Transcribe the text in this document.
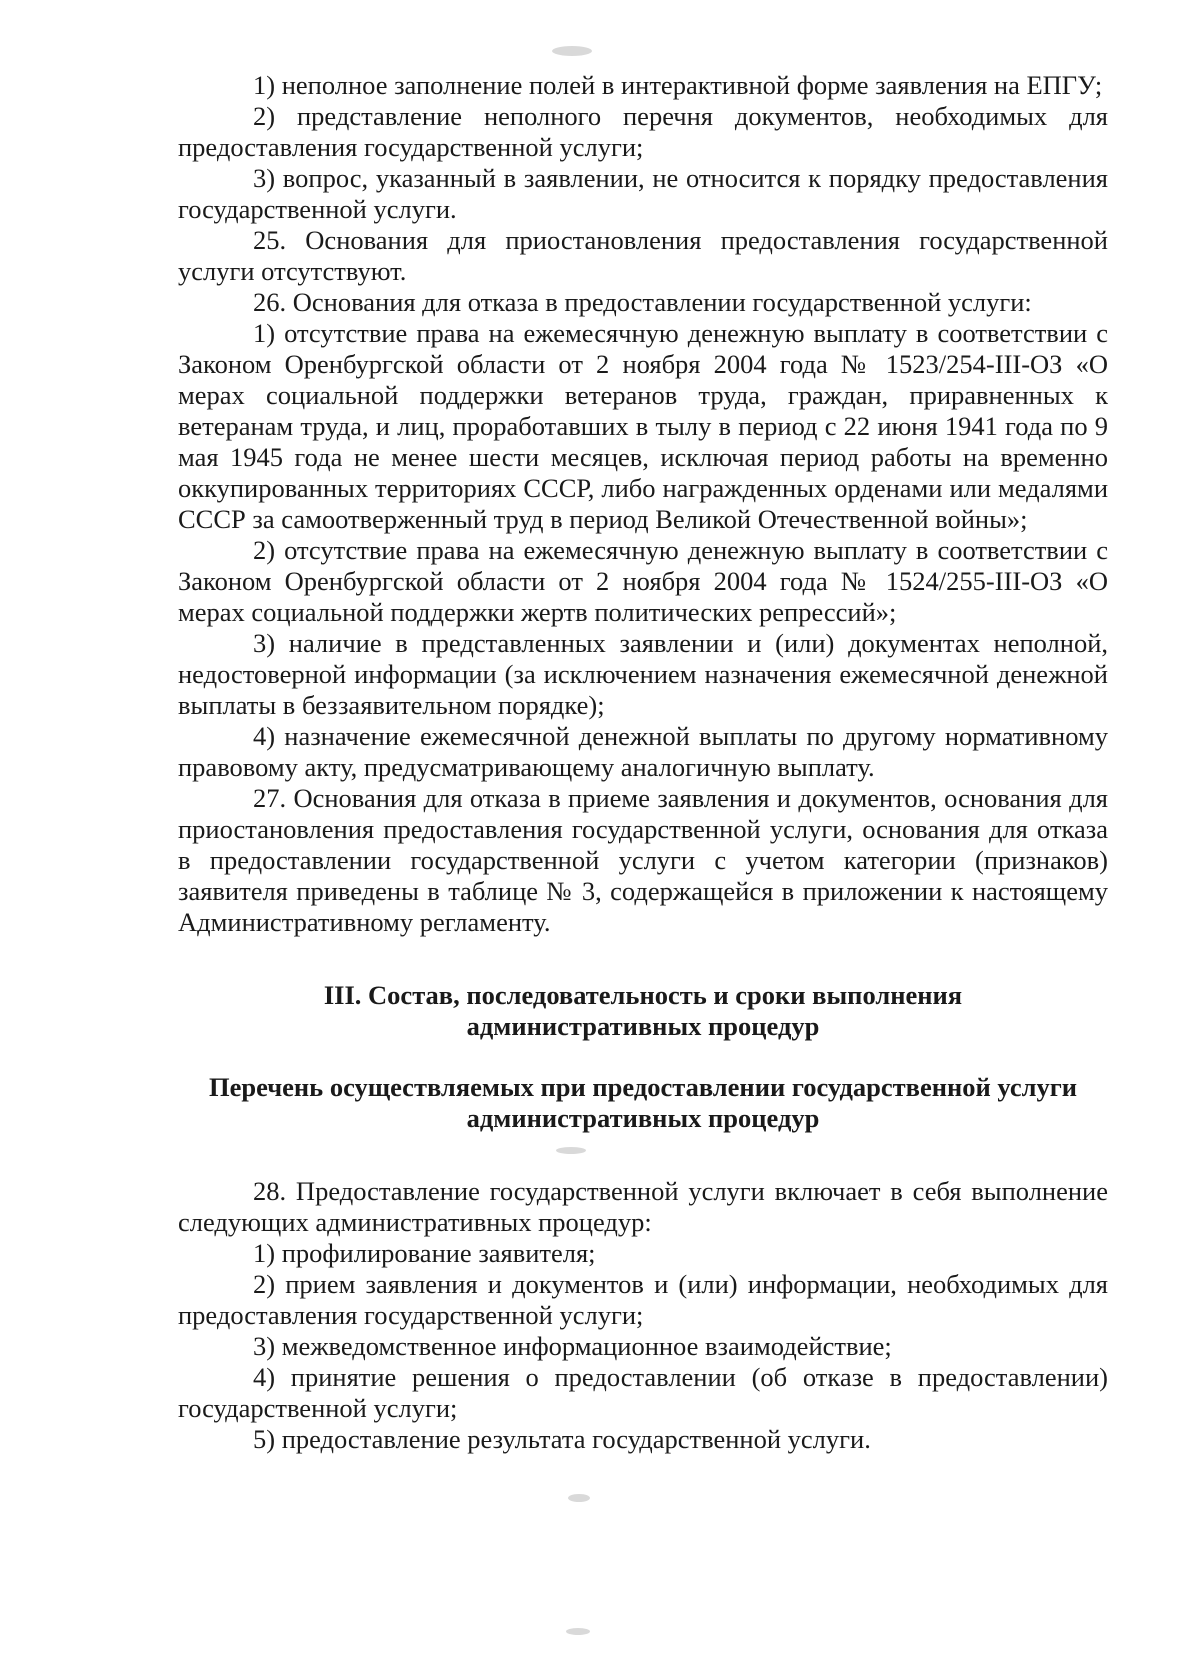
1) неполное заполнение полей в интерактивной форме заявления на ЕПГУ;

2) представление неполного перечня документов, необходимых для предоставления государственной услуги;

3) вопрос, указанный в заявлении, не относится к порядку предоставления государственной услуги.

25. Основания для приостановления предоставления государственной услуги отсутствуют.

26. Основания для отказа в предоставлении государственной услуги:

1) отсутствие права на ежемесячную денежную выплату в соответствии с Законом Оренбургской области от 2 ноября 2004 года № 1523/254-III-ОЗ «О мерах социальной поддержки ветеранов труда, граждан, приравненных к ветеранам труда, и лиц, проработавших в тылу в период с 22 июня 1941 года по 9 мая 1945 года не менее шести месяцев, исключая период работы на временно оккупированных территориях СССР, либо награжденных орденами или медалями СССР за самоотверженный труд в период Великой Отечественной войны»;

2) отсутствие права на ежемесячную денежную выплату в соответствии с Законом Оренбургской области от 2 ноября 2004 года № 1524/255-III-ОЗ «О мерах социальной поддержки жертв политических репрессий»;

3) наличие в представленных заявлении и (или) документах неполной, недостоверной информации (за исключением назначения ежемесячной денежной выплаты в беззаявительном порядке);

4) назначение ежемесячной денежной выплаты по другому нормативному правовому акту, предусматривающему аналогичную выплату.

27. Основания для отказа в приеме заявления и документов, основания для приостановления предоставления государственной услуги, основания для отказа в предоставлении государственной услуги с учетом категории (признаков) заявителя приведены в таблице № 3, содержащейся в приложении к настоящему Административному регламенту.

III. Состав, последовательность и сроки выполнения
административных процедур

Перечень осуществляемых при предоставлении государственной услуги
административных процедур

28. Предоставление государственной услуги включает в себя выполнение следующих административных процедур:

1) профилирование заявителя;

2) прием заявления и документов и (или) информации, необходимых для предоставления государственной услуги;

3) межведомственное информационное взаимодействие;

4) принятие решения о предоставлении (об отказе в предоставлении) государственной услуги;

5) предоставление результата государственной услуги.
